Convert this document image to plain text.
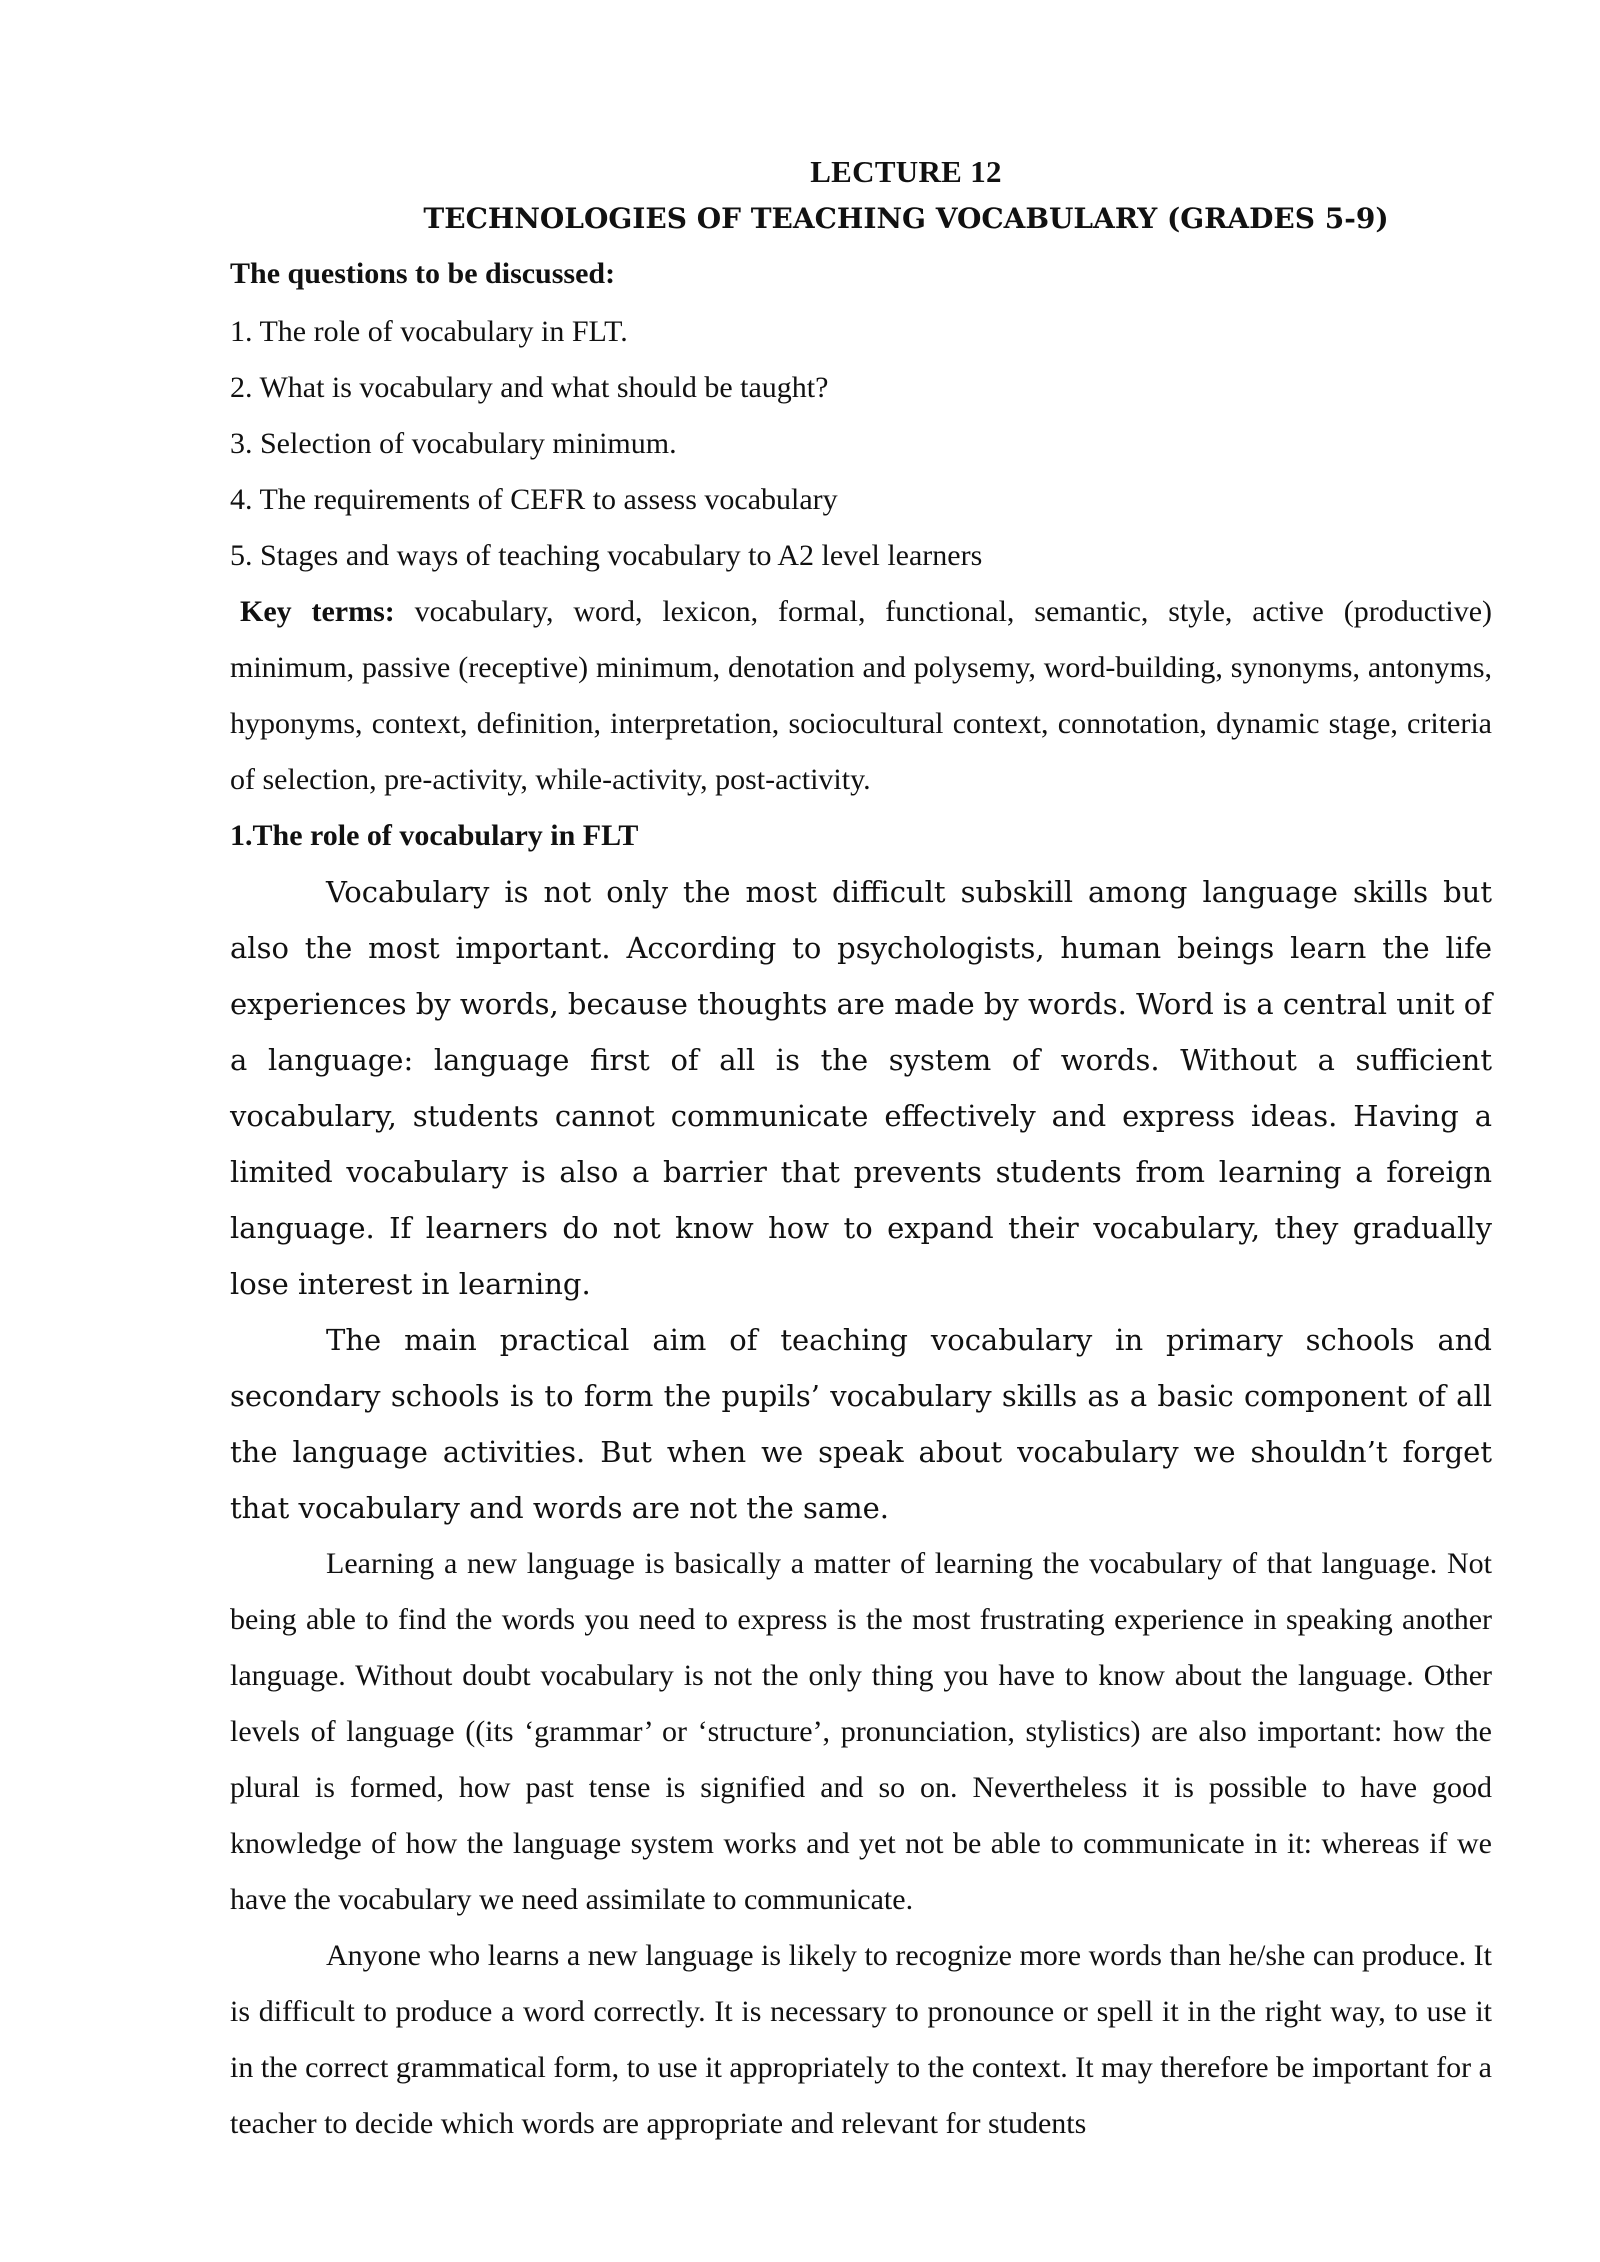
LECTURE 12
TECHNOLOGIES OF TEACHING VOCABULARY (GRADES 5-9)
The questions to be discussed:
1. The role of vocabulary in FLT.
2. What is vocabulary and what should be taught?
3. Selection of vocabulary minimum.
4. The requirements of CEFR to assess vocabulary
5. Stages and ways of teaching vocabulary to A2 level learners

Key terms: vocabulary, word, lexicon, formal, functional, semantic, style, active (productive) minimum, passive (receptive) minimum, denotation and polysemy, word-building, synonyms, antonyms, hyponyms, context, definition, interpretation, sociocultural context, connotation, dynamic stage, criteria of selection, pre-activity, while-activity, post-activity.

1.The role of vocabulary in FLT

Vocabulary is not only the most difficult subskill among language skills but also the most important. According to psychologists, human beings learn the life experiences by words, because thoughts are made by words. Word is a central unit of a language: language first of all is the system of words. Without a sufficient vocabulary, students cannot communicate effectively and express ideas. Having a limited vocabulary is also a barrier that prevents students from learning a foreign language. If learners do not know how to expand their vocabulary, they gradually lose interest in learning.

The main practical aim of teaching vocabulary in primary schools and secondary schools is to form the pupils’ vocabulary skills as a basic component of all the language activities. But when we speak about vocabulary we shouldn’t forget that vocabulary and words are not the same.

Learning a new language is basically a matter of learning the vocabulary of that language. Not being able to find the words you need to express is the most frustrating experience in speaking another language. Without doubt vocabulary is not the only thing you have to know about the language. Other levels of language ((its ‘grammar’ or ‘structure’, pronunciation, stylistics) are also important: how the plural is formed, how past tense is signified and so on. Nevertheless it is possible to have good knowledge of how the language system works and yet not be able to communicate in it: whereas if we have the vocabulary we need assimilate to communicate.

Anyone who learns a new language is likely to recognize more words than he/she can produce. It is difficult to produce a word correctly. It is necessary to pronounce or spell it in the right way, to use it in the correct grammatical form, to use it appropriately to the context. It may therefore be important for a teacher to decide which words are appropriate and relevant for students
